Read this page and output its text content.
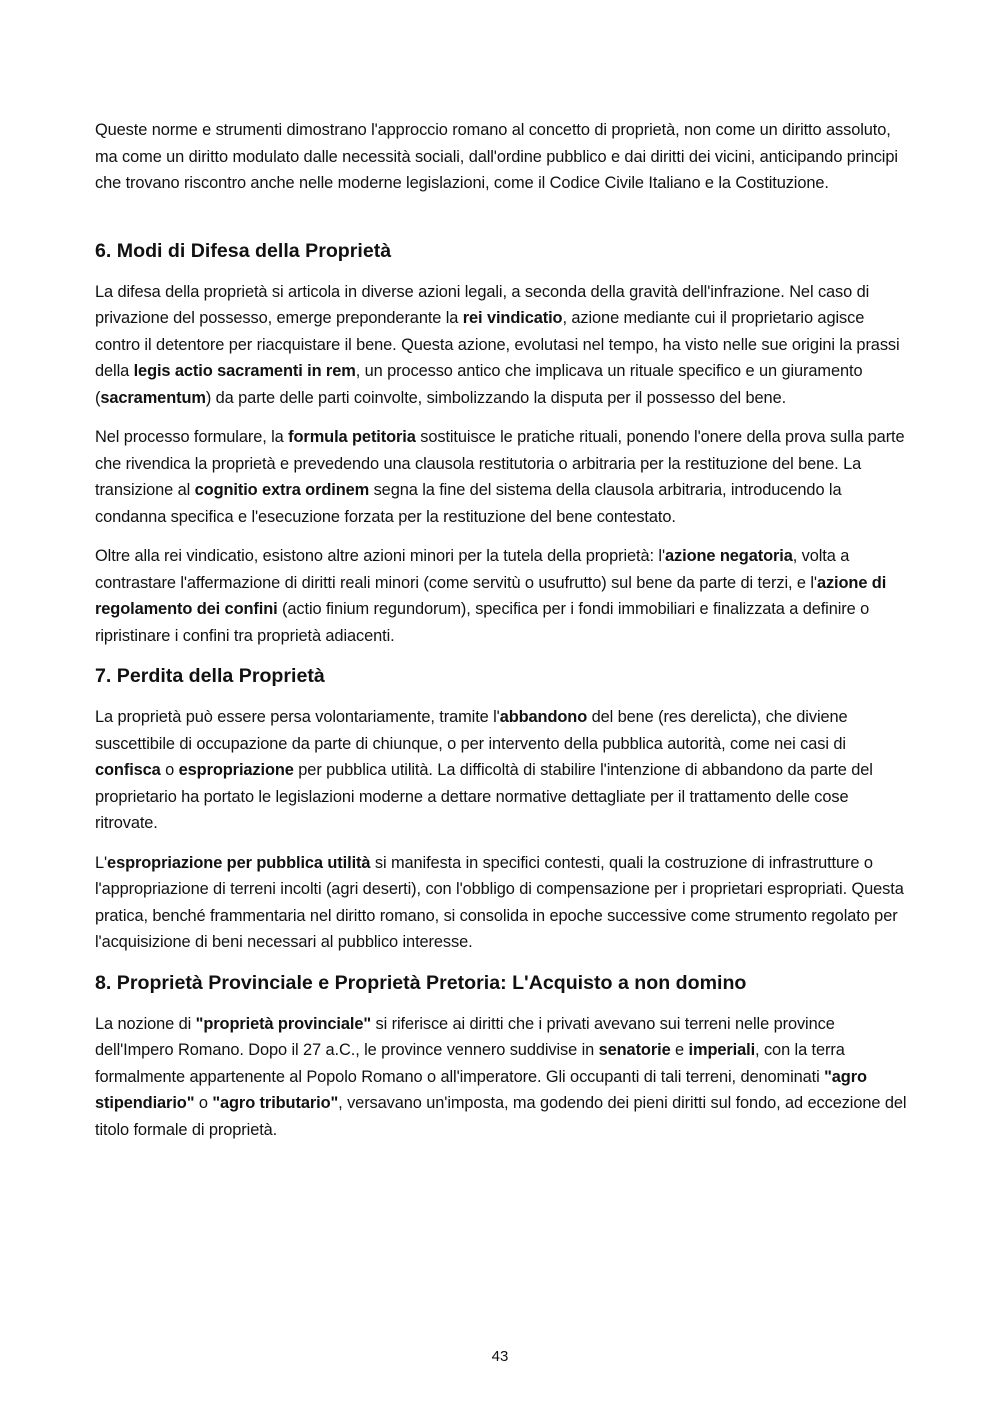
Queste norme e strumenti dimostrano l'approccio romano al concetto di proprietà, non come un diritto assoluto, ma come un diritto modulato dalle necessità sociali, dall'ordine pubblico e dai diritti dei vicini, anticipando principi che trovano riscontro anche nelle moderne legislazioni, come il Codice Civile Italiano e la Costituzione.

6. Modi di Difesa della Proprietà

La difesa della proprietà si articola in diverse azioni legali, a seconda della gravità dell'infrazione. Nel caso di privazione del possesso, emerge preponderante la rei vindicatio, azione mediante cui il proprietario agisce contro il detentore per riacquistare il bene. Questa azione, evolutasi nel tempo, ha visto nelle sue origini la prassi della legis actio sacramenti in rem, un processo antico che implicava un rituale specifico e un giuramento (sacramentum) da parte delle parti coinvolte, simbolizzando la disputa per il possesso del bene.

Nel processo formulare, la formula petitoria sostituisce le pratiche rituali, ponendo l'onere della prova sulla parte che rivendica la proprietà e prevedendo una clausola restitutoria o arbitraria per la restituzione del bene. La transizione al cognitio extra ordinem segna la fine del sistema della clausola arbitraria, introducendo la condanna specifica e l'esecuzione forzata per la restituzione del bene contestato.

Oltre alla rei vindicatio, esistono altre azioni minori per la tutela della proprietà: l'azione negatoria, volta a contrastare l'affermazione di diritti reali minori (come servitù o usufrutto) sul bene da parte di terzi, e l'azione di regolamento dei confini (actio finium regundorum), specifica per i fondi immobiliari e finalizzata a definire o ripristinare i confini tra proprietà adiacenti.

7. Perdita della Proprietà

La proprietà può essere persa volontariamente, tramite l'abbandono del bene (res derelicta), che diviene suscettibile di occupazione da parte di chiunque, o per intervento della pubblica autorità, come nei casi di confisca o espropriazione per pubblica utilità. La difficoltà di stabilire l'intenzione di abbandono da parte del proprietario ha portato le legislazioni moderne a dettare normative dettagliate per il trattamento delle cose ritrovate.

L'espropriazione per pubblica utilità si manifesta in specifici contesti, quali la costruzione di infrastrutture o l'appropriazione di terreni incolti (agri deserti), con l'obbligo di compensazione per i proprietari espropriati. Questa pratica, benché frammentaria nel diritto romano, si consolida in epoche successive come strumento regolato per l'acquisizione di beni necessari al pubblico interesse.

8. Proprietà Provinciale e Proprietà Pretoria: L'Acquisto a non domino

La nozione di "proprietà provinciale" si riferisce ai diritti che i privati avevano sui terreni nelle province dell'Impero Romano. Dopo il 27 a.C., le province vennero suddivise in senatorie e imperiali, con la terra formalmente appartenente al Popolo Romano o all'imperatore. Gli occupanti di tali terreni, denominati "agro stipendiario" o "agro tributario", versavano un'imposta, ma godendo dei pieni diritti sul fondo, ad eccezione del titolo formale di proprietà.

43
